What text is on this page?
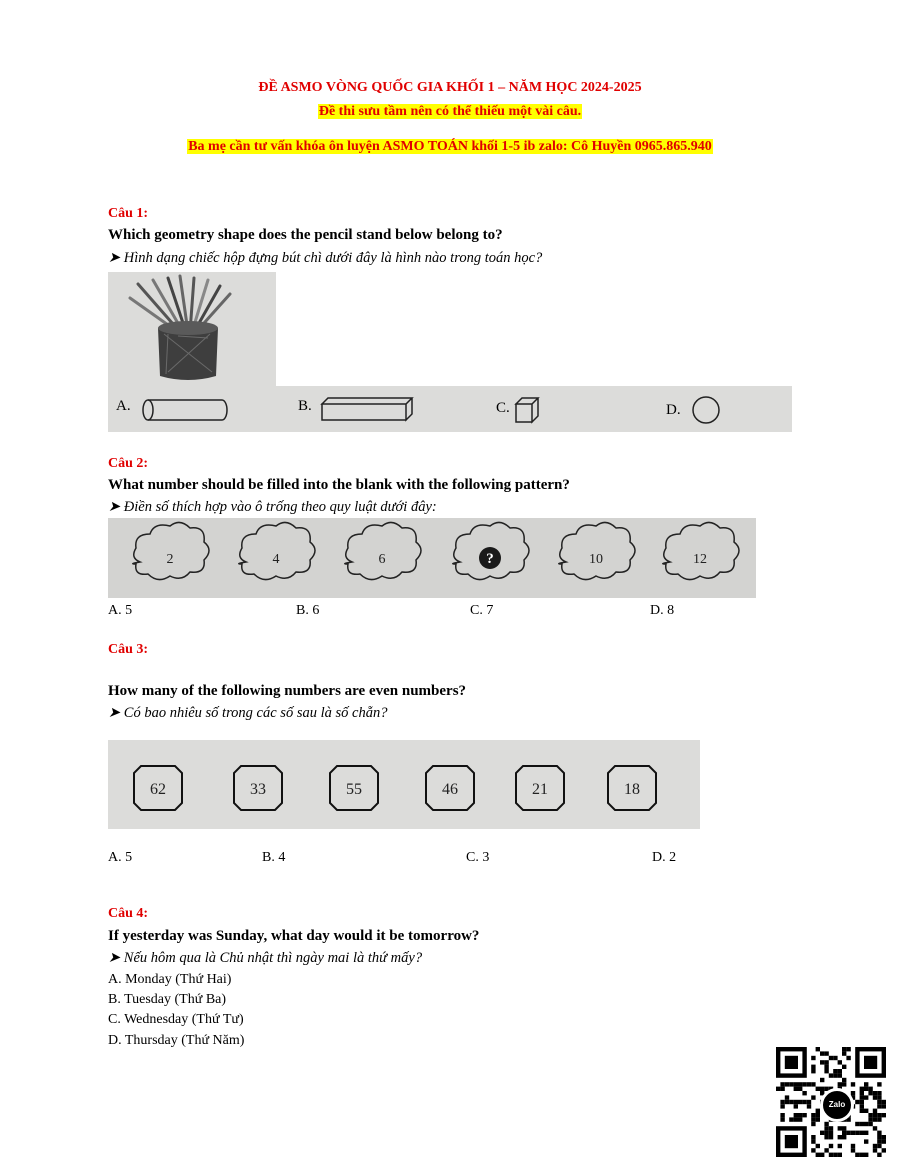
ĐỀ ASMO VÒNG QUỐC GIA KHỐI 1 – NĂM HỌC 2024-2025
Đề thi sưu tầm nên có thể thiếu một vài câu.
Ba mẹ cần tư vấn khóa ôn luyện ASMO TOÁN khối 1-5 ib zalo: Cô Huyền 0965.865.940
Câu 1:
Which geometry shape does the pencil stand below belong to?
➤ Hình dạng chiếc hộp đựng bút chì dưới đây là hình nào trong toán học?
A.	B.	C.	D.
Câu 2:
What number should be filled into the blank with the following pattern?
➤ Điền số thích hợp vào ô trống theo quy luật dưới đây:
2	4	6	?	10	12
A. 5	B. 6	C. 7	D. 8
Câu 3:
How many of the following numbers are even numbers?
➤ Có bao nhiêu số trong các số sau là số chẵn?
62	33	55	46	21	18
A. 5	B. 4	C. 3	D. 2
Câu 4:
If yesterday was Sunday, what day would it be tomorrow?
➤ Nếu hôm qua là Chủ nhật thì ngày mai là thứ mấy?
A. Monday (Thứ Hai)
B. Tuesday (Thứ Ba)
C. Wednesday (Thứ Tư)
D. Thursday (Thứ Năm)
Zalo
